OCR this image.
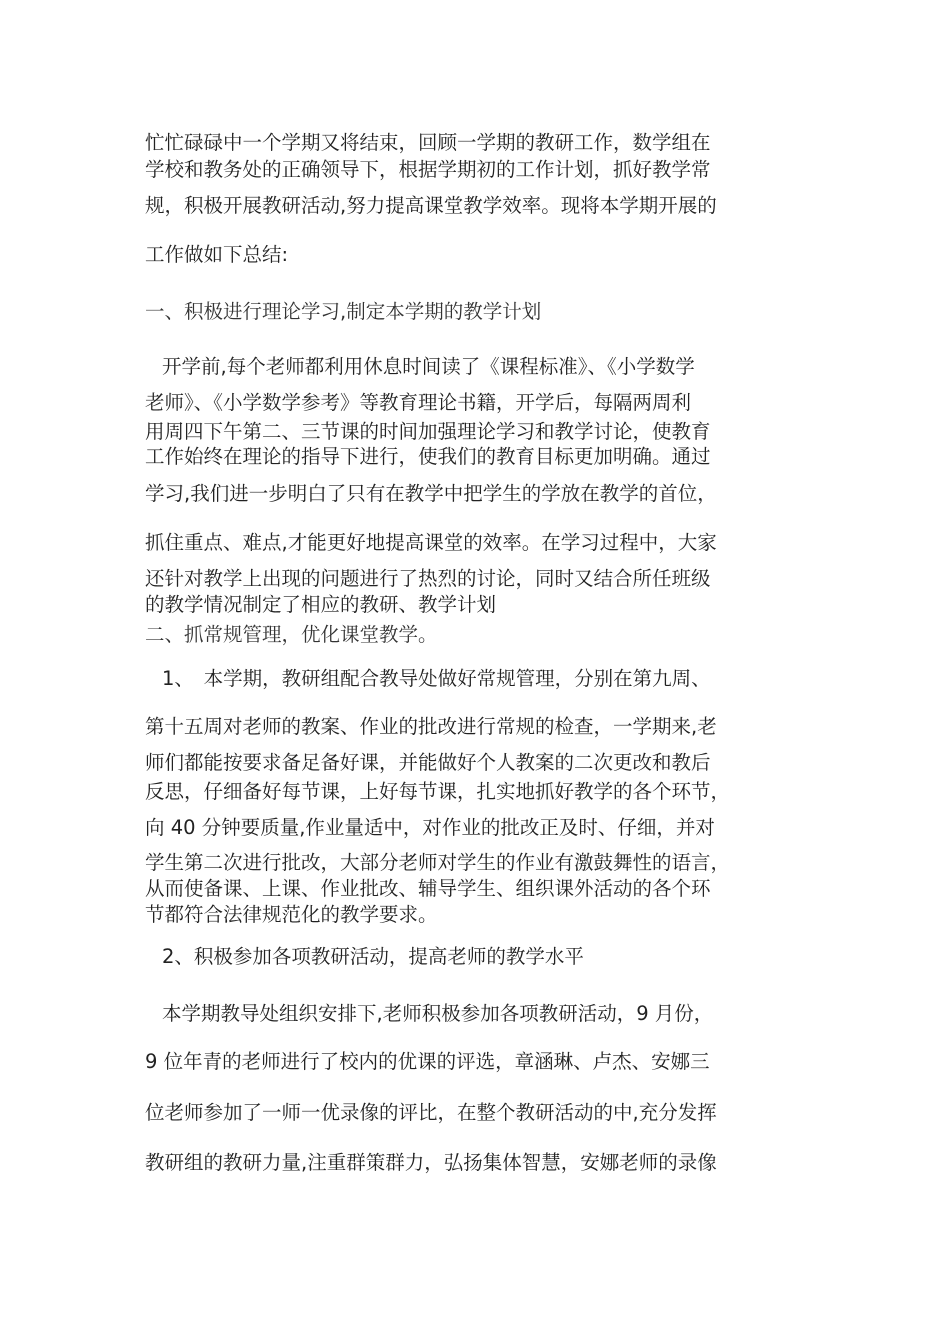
忙忙碌碌中一个学期又将结束，回顾一学期的教研工作，数学组在
学校和教务处的正确领导下，根据学期初的工作计划，抓好教学常
规，积极开展教研活动,努力提高课堂教学效率。现将本学期开展的
工作做如下总结:
一、积极进行理论学习,制定本学期的教学计划
开学前,每个老师都利用休息时间读了《课程标准》、《小学数学
老师》、《小学数学参考》等教育理论书籍，开学后，每隔两周利
用周四下午第二、三节课的时间加强理论学习和教学讨论，使教育
工作始终在理论的指导下进行，使我们的教育目标更加明确。通过
学习,我们进一步明白了只有在教学中把学生的学放在教学的首位，
抓住重点、难点,才能更好地提高课堂的效率。在学习过程中，大家
还针对教学上出现的问题进行了热烈的讨论，同时又结合所任班级
的教学情况制定了相应的教研、教学计划
二、抓常规管理，优化课堂教学。
1、　本学期，教研组配合教导处做好常规管理，分别在第九周、
第十五周对老师的教案、作业的批改进行常规的检查，一学期来,老
师们都能按要求备足备好课，并能做好个人教案的二次更改和教后
反思，仔细备好每节课，上好每节课，扎实地抓好教学的各个环节，
向 40 分钟要质量,作业量适中，对作业的批改正及时、仔细，并对
学生第二次进行批改，大部分老师对学生的作业有激鼓舞性的语言，
从而使备课、上课、作业批改、辅导学生、组织课外活动的各个环
节都符合法律规范化的教学要求。
2、积极参加各项教研活动，提高老师的教学水平
本学期教导处组织安排下,老师积极参加各项教研活动，9 月份，
9 位年青的老师进行了校内的优课的评选，章涵琳、卢杰、安娜三
位老师参加了一师一优录像的评比，在整个教研活动的中,充分发挥
教研组的教研力量,注重群策群力，弘扬集体智慧，安娜老师的录像
